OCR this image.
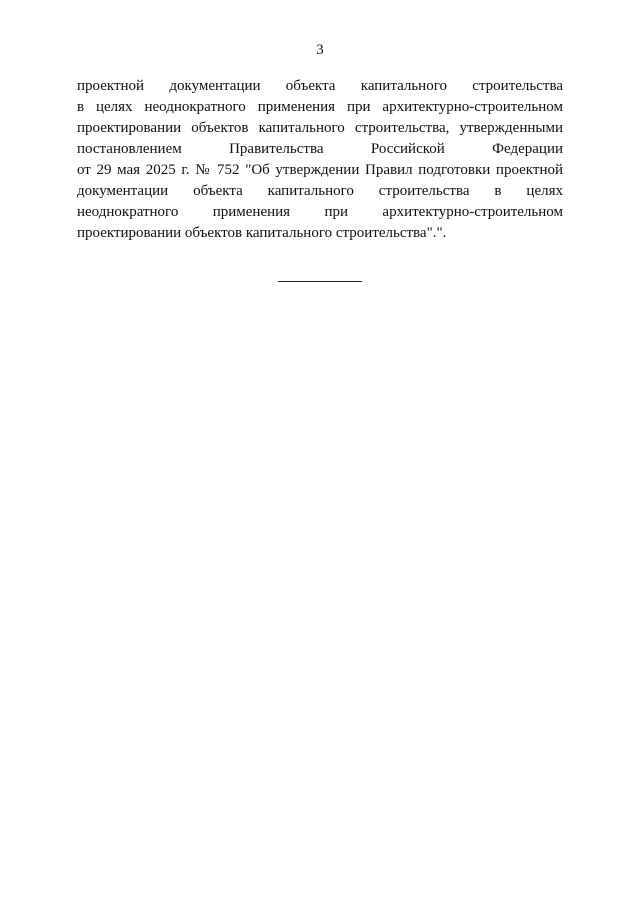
3
проектной документации объекта капитального строительства
в целях неоднократного применения при архитектурно-строительном
проектировании объектов капитального строительства, утвержденными
постановлением Правительства Российской Федерации
от 29 мая 2025 г. № 752 "Об утверждении Правил подготовки проектной
документации объекта капитального строительства в целях
неоднократного применения при архитектурно-строительном
проектировании объектов капитального строительства".".
